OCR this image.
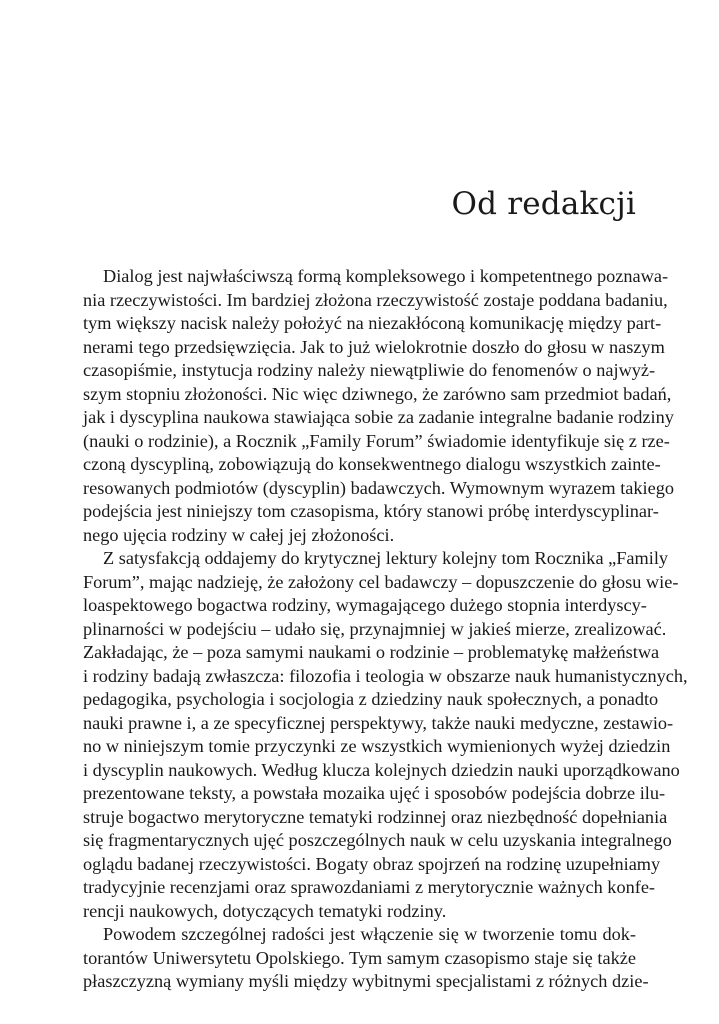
Od redakcji
Dialog jest najwłaściwszą formą kompleksowego i kompetentnego poznawa-
nia rzeczywistości. Im bardziej złożona rzeczywistość zostaje poddana badaniu,
tym większy nacisk należy położyć na niezakłóconą komunikację między part-
nerami tego przedsięwzięcia. Jak to już wielokrotnie doszło do głosu w naszym
czasopiśmie, instytucja rodziny należy niewątpliwie do fenomenów o najwyż-
szym stopniu złożoności. Nic więc dziwnego, że zarówno sam przedmiot badań,
jak i dyscyplina naukowa stawiająca sobie za zadanie integralne badanie rodziny
(nauki o rodzinie), a Rocznik „Family Forum” świadomie identyfikuje się z rze-
czoną dyscypliną, zobowiązują do konsekwentnego dialogu wszystkich zainte-
resowanych podmiotów (dyscyplin) badawczych. Wymownym wyrazem takiego
podejścia jest niniejszy tom czasopisma, który stanowi próbę interdyscyplinar-
nego ujęcia rodziny w całej jej złożoności.
Z satysfakcją oddajemy do krytycznej lektury kolejny tom Rocznika „Family
Forum”, mając nadzieję, że założony cel badawczy – dopuszczenie do głosu wie-
loaspektowego bogactwa rodziny, wymagającego dużego stopnia interdyscy-
plinarności w podejściu – udało się, przynajmniej w jakieś mierze, zrealizować.
Zakładając, że – poza samymi naukami o rodzinie – problematykę małżeństwa
i rodziny badają zwłaszcza: filozofia i teologia w obszarze nauk humanistycznych,
pedagogika, psychologia i socjologia z dziedziny nauk społecznych, a ponadto
nauki prawne i, a ze specyficznej perspektywy, także nauki medyczne, zestawio-
no w niniejszym tomie przyczynki ze wszystkich wymienionych wyżej dziedzin
i dyscyplin naukowych. Według klucza kolejnych dziedzin nauki uporządkowano
prezentowane teksty, a powstała mozaika ujęć i sposobów podejścia dobrze ilu-
struje bogactwo merytoryczne tematyki rodzinnej oraz niezbędność dopełniania
się fragmentarycznych ujęć poszczególnych nauk w celu uzyskania integralnego
oglądu badanej rzeczywistości. Bogaty obraz spojrzeń na rodzinę uzupełniamy
tradycyjnie recenzjami oraz sprawozdaniami z merytorycznie ważnych konfe-
rencji naukowych, dotyczących tematyki rodziny.
Powodem szczególnej radości jest włączenie się w tworzenie tomu dok-
torantów Uniwersytetu Opolskiego. Tym samym czasopismo staje się także
płaszczyzną wymiany myśli między wybitnymi specjalistami z różnych dzie-
